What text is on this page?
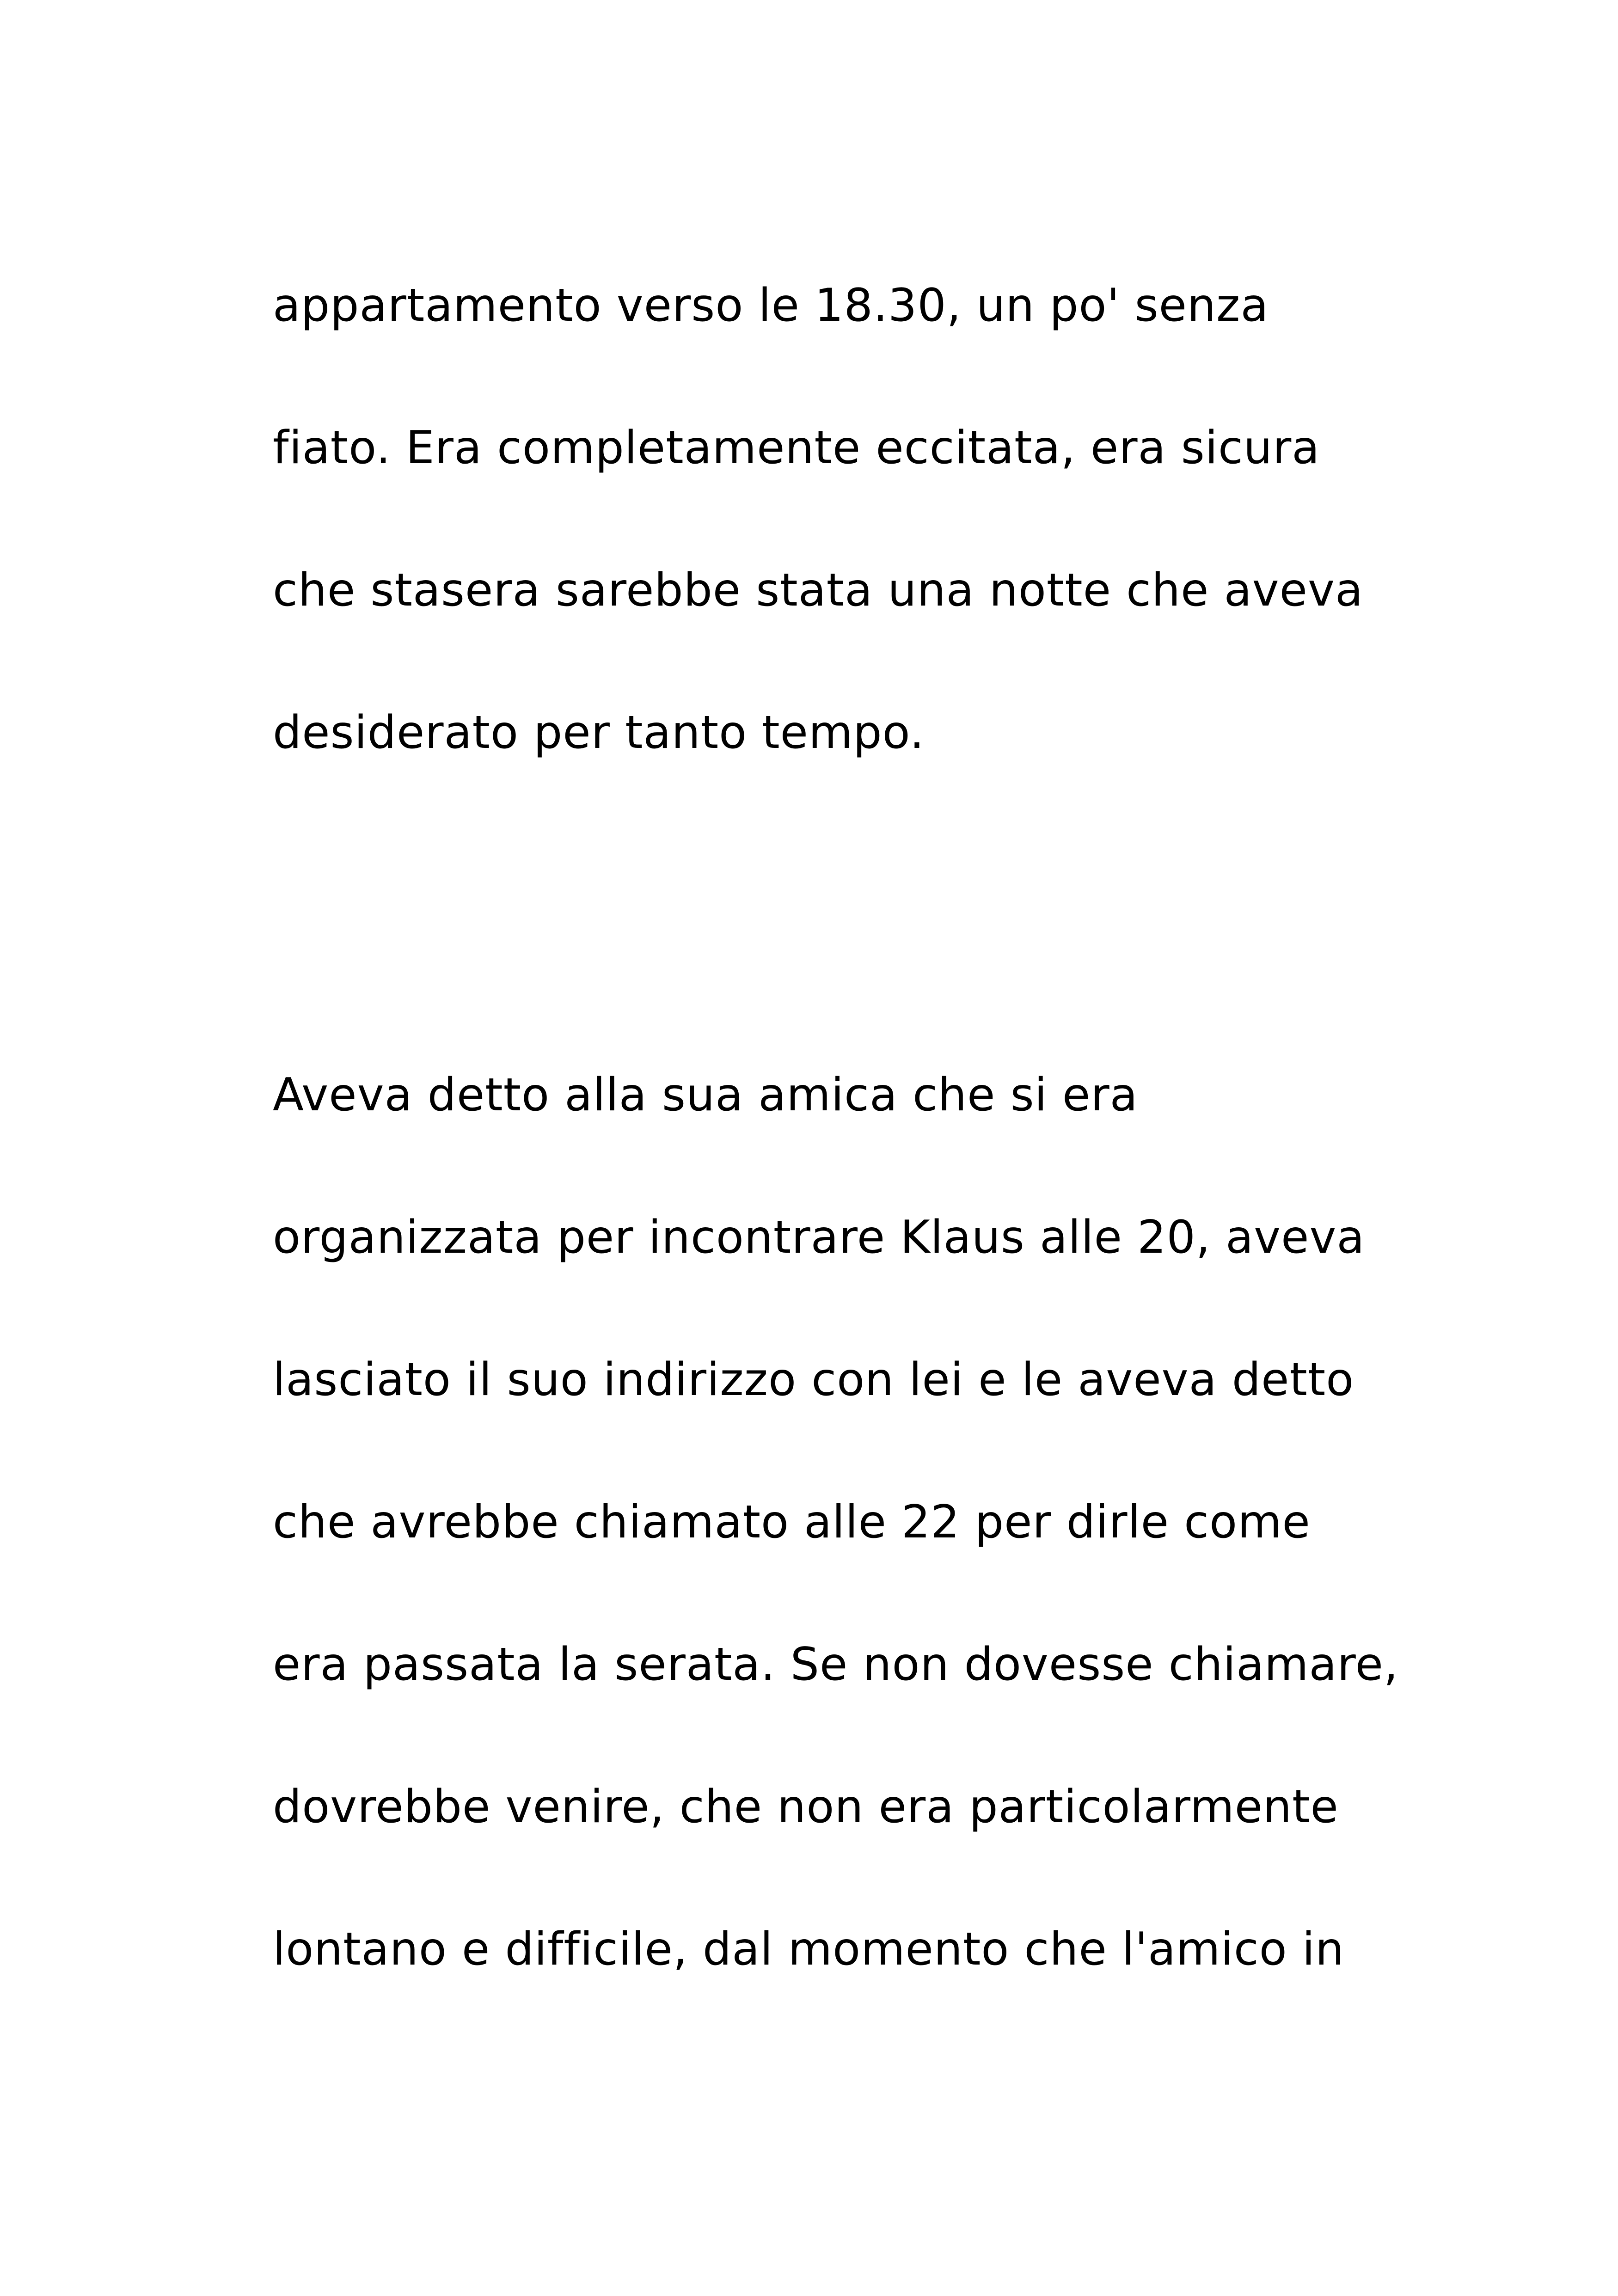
appartamento verso le 18.30, un po' senza
fiato. Era completamente eccitata, era sicura
che stasera sarebbe stata una notte che aveva
desiderato per tanto tempo.
Aveva detto alla sua amica che si era
organizzata per incontrare Klaus alle 20, aveva
lasciato il suo indirizzo con lei e le aveva detto
che avrebbe chiamato alle 22 per dirle come
era passata la serata. Se non dovesse chiamare,
dovrebbe venire, che non era particolarmente
lontano e difficile, dal momento che l'amico in
